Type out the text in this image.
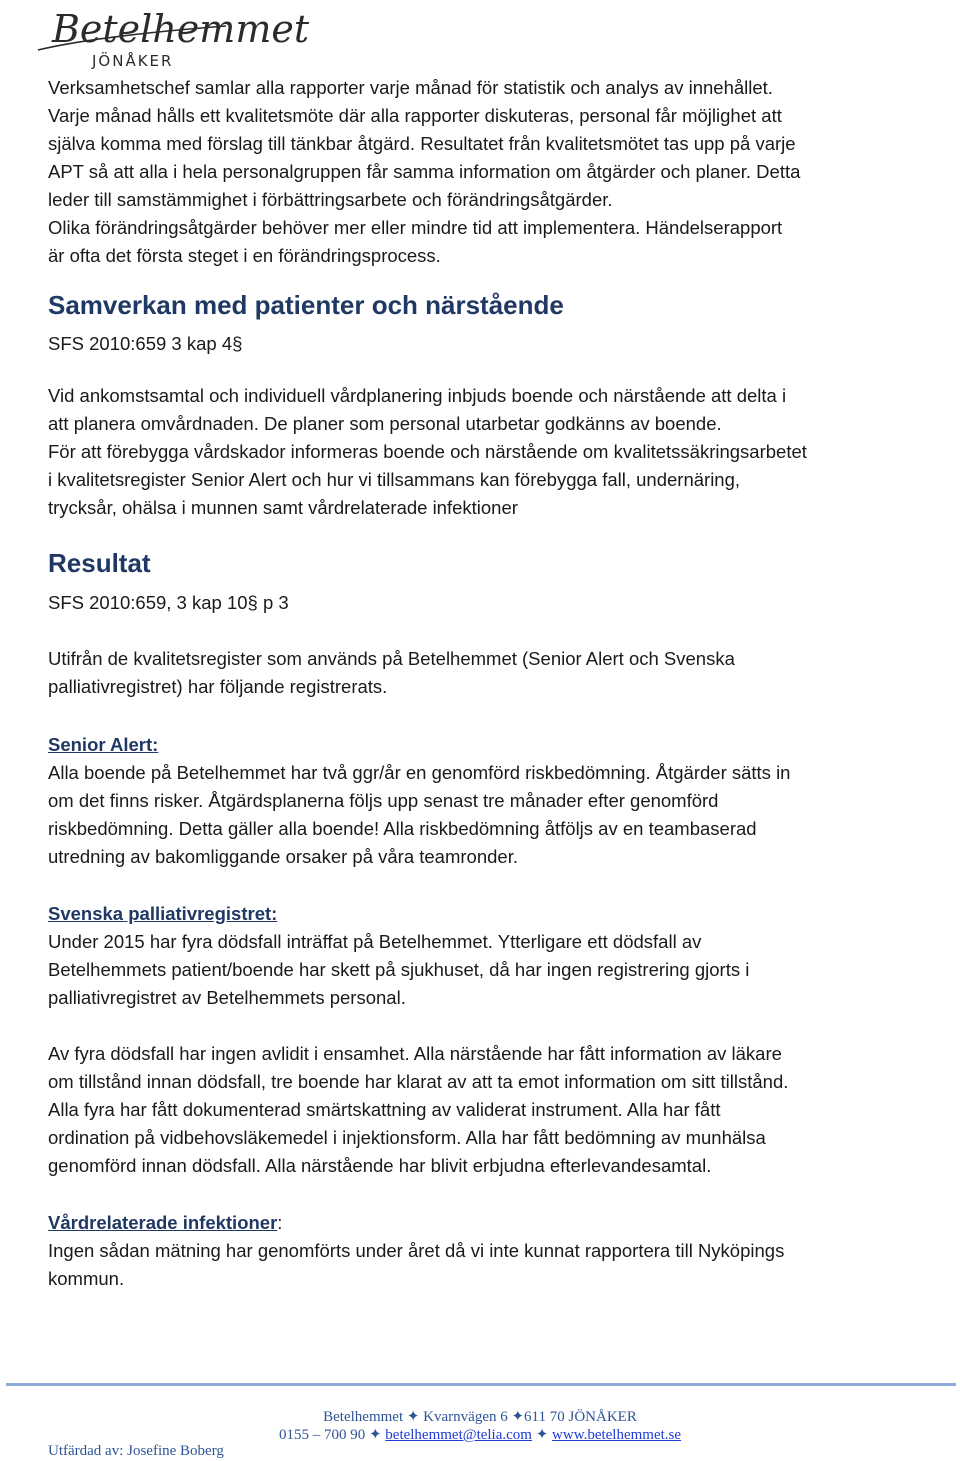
Betelhemmet
JÖNÅKER
Verksamhetschef samlar alla rapporter varje månad för statistik och analys av innehållet.
Varje månad hålls ett kvalitetsmöte där alla rapporter diskuteras, personal får möjlighet att
själva komma med förslag till tänkbar åtgärd. Resultatet från kvalitetsmötet tas upp på varje
APT så att alla i hela personalgruppen får samma information om åtgärder och planer. Detta
leder till samstämmighet i förbättringsarbete och förändringsåtgärder.
Olika förändringsåtgärder behöver mer eller mindre tid att implementera. Händelserapport
är ofta det första steget i en förändringsprocess.
Samverkan med patienter och närstående
SFS 2010:659 3 kap 4§
Vid ankomstsamtal och individuell vårdplanering inbjuds boende och närstående att delta i
att planera omvårdnaden. De planer som personal utarbetar godkänns av boende.
För att förebygga vårdskador informeras boende och närstående om kvalitetssäkringsarbetet
i kvalitetsregister Senior Alert och hur vi tillsammans kan förebygga fall, undernäring,
trycksår, ohälsa i munnen samt vårdrelaterade infektioner
Resultat
SFS 2010:659, 3 kap 10§ p 3
Utifrån de kvalitetsregister som används på Betelhemmet (Senior Alert och Svenska
palliativregistret) har följande registrerats.
Senior Alert:
Alla boende på Betelhemmet har två ggr/år en genomförd riskbedömning. Åtgärder sätts in
om det finns risker. Åtgärdsplanerna följs upp senast tre månader efter genomförd
riskbedömning. Detta gäller alla boende! Alla riskbedömning åtföljs av en teambaserad
utredning av bakomliggande orsaker på våra teamronder.
Svenska palliativregistret:
Under 2015 har fyra dödsfall inträffat på Betelhemmet. Ytterligare ett dödsfall av
Betelhemmets patient/boende har skett på sjukhuset, då har ingen registrering gjorts i
palliativregistret av Betelhemmets personal.
Av fyra dödsfall har ingen avlidit i ensamhet. Alla närstående har fått information av läkare
om tillstånd innan dödsfall, tre boende har klarat av att ta emot information om sitt tillstånd.
Alla fyra har fått dokumenterad smärtskattning av validerat instrument. Alla har fått
ordination på vidbehovsläkemedel i injektionsform. Alla har fått bedömning av munhälsa
genomförd innan dödsfall. Alla närstående har blivit erbjudna efterlevandesamtal.
Vårdrelaterade infektioner:
Ingen sådan mätning har genomförts under året då vi inte kunnat rapportera till Nyköpings
kommun.
Betelhemmet ✦ Kvarnvägen 6 ✦611 70 JÖNÅKER
0155 – 700 90 ✦ betelhemmet@telia.com ✦ www.betelhemmet.se
Utfärdad av: Josefine Boberg
